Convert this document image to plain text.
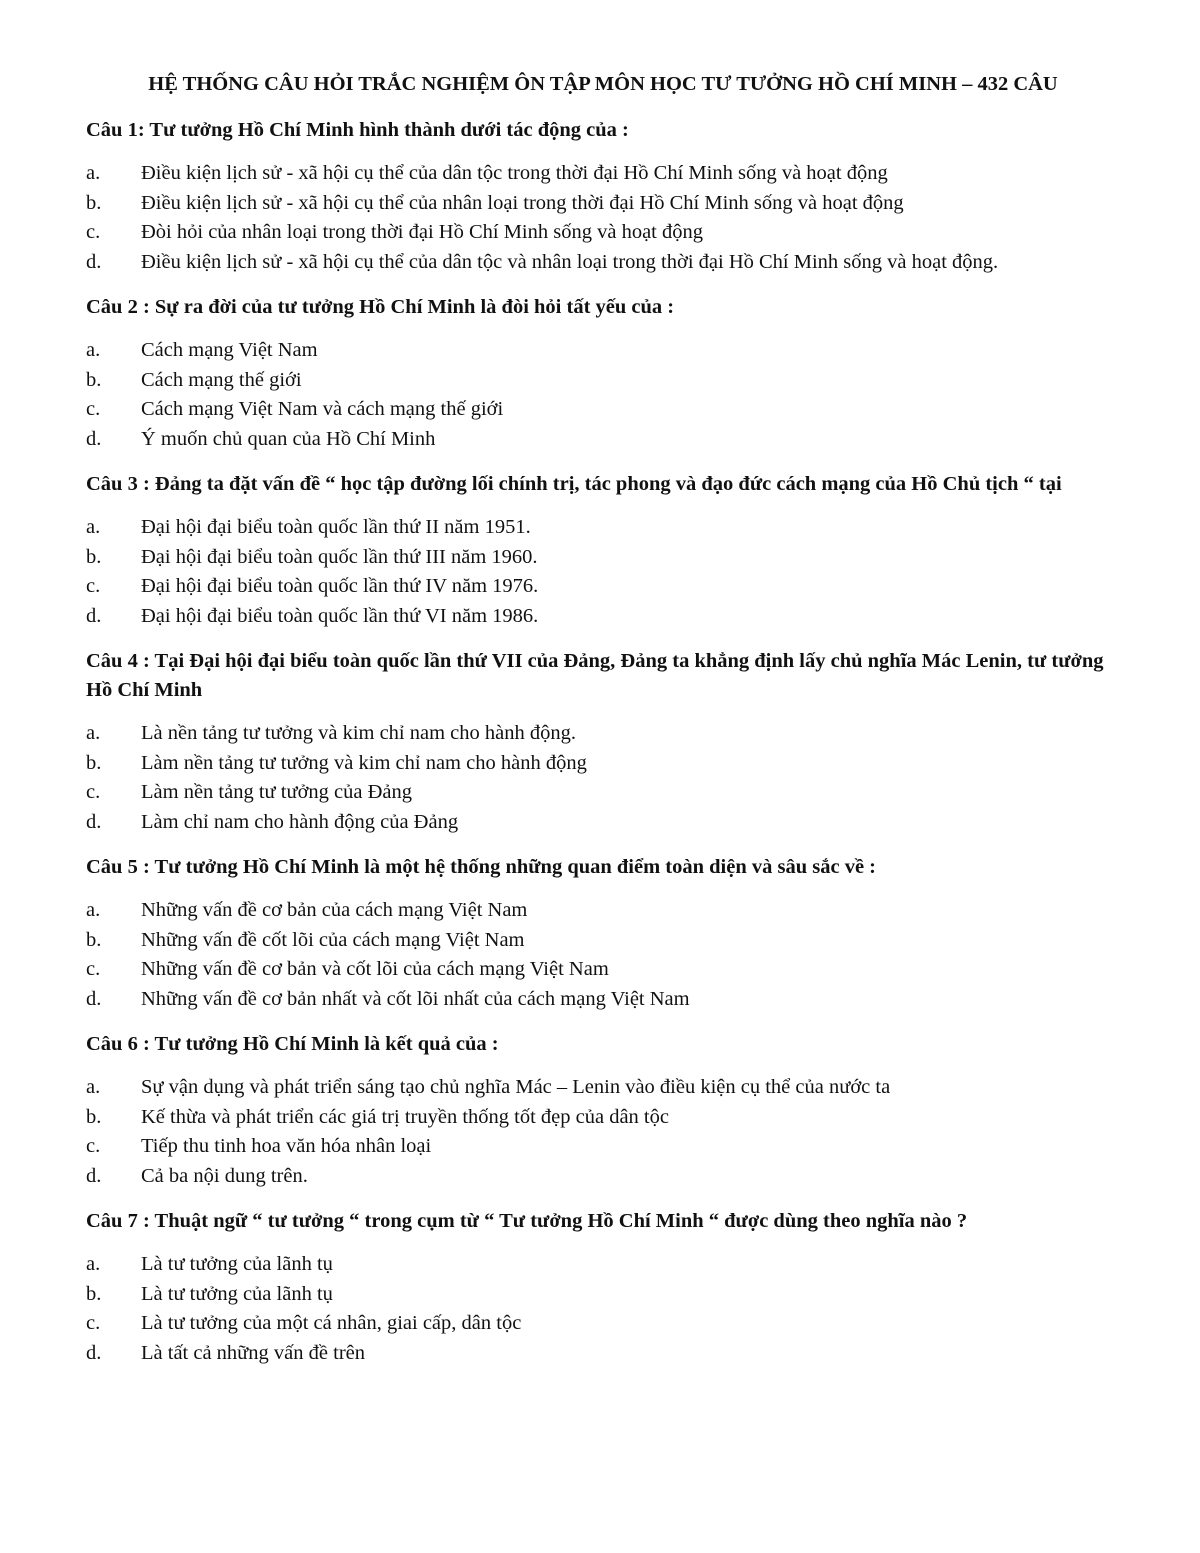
HỆ THỐNG CÂU HỎI TRẮC NGHIỆM ÔN TẬP MÔN HỌC TƯ TƯỞNG HỒ CHÍ MINH – 432 CÂU

Câu 1: Tư tưởng Hồ Chí Minh hình thành dưới tác động của :

a. Điều kiện lịch sử - xã hội cụ thể của dân tộc trong thời đại Hồ Chí Minh sống và hoạt động
b. Điều kiện lịch sử - xã hội cụ thể của nhân loại trong thời đại Hồ Chí Minh sống và hoạt động
c. Đòi hỏi của nhân loại trong thời đại Hồ Chí Minh sống và hoạt động
d. Điều kiện lịch sử - xã hội cụ thể của dân tộc và nhân loại trong thời đại Hồ Chí Minh sống và hoạt động.

Câu 2 : Sự ra đời của tư tưởng Hồ Chí Minh là đòi hỏi tất yếu của :

a. Cách mạng Việt Nam
b. Cách mạng thế giới
c. Cách mạng Việt Nam và cách mạng thế giới
d. Ý muốn chủ quan của Hồ Chí Minh

Câu 3 : Đảng ta đặt vấn đề “ học tập đường lối chính trị, tác phong và đạo đức cách mạng của Hồ Chủ tịch “ tại

a. Đại hội đại biểu toàn quốc lần thứ II năm 1951.
b. Đại hội đại biểu toàn quốc lần thứ III năm 1960.
c. Đại hội đại biểu toàn quốc lần thứ IV năm 1976.
d. Đại hội đại biểu toàn quốc lần thứ VI năm 1986.

Câu 4 : Tại Đại hội đại biểu toàn quốc lần thứ VII của Đảng, Đảng ta khẳng định lấy chủ nghĩa Mác Lenin, tư tưởng Hồ Chí Minh

a. Là nền tảng tư tưởng và kim chỉ nam cho hành động.
b. Làm nền tảng tư tưởng và kim chỉ nam cho hành động
c. Làm nền tảng tư tưởng của Đảng
d. Làm chỉ nam cho hành động của Đảng

Câu 5 : Tư tưởng Hồ Chí Minh là một hệ thống những quan điểm toàn diện và sâu sắc về :

a. Những vấn đề cơ bản của cách mạng Việt Nam
b. Những vấn đề cốt lõi của cách mạng Việt Nam
c. Những vấn đề cơ bản và cốt lõi của cách mạng Việt Nam
d. Những vấn đề cơ bản nhất và cốt lõi nhất của cách mạng Việt Nam

Câu 6 : Tư tưởng Hồ Chí Minh là kết quả của :

a. Sự vận dụng và phát triển sáng tạo chủ nghĩa Mác – Lenin vào điều kiện cụ thể của nước ta
b. Kế thừa và phát triển các giá trị truyền thống tốt đẹp của dân tộc
c. Tiếp thu tinh hoa văn hóa nhân loại
d. Cả ba nội dung trên.

Câu 7 : Thuật ngữ “ tư tưởng “ trong cụm từ “ Tư tưởng Hồ Chí Minh “ được dùng theo nghĩa nào ?

a. Là tư tưởng của lãnh tụ
b. Là tư tưởng của lãnh tụ
c. Là tư tưởng của một cá nhân, giai cấp, dân tộc
d. Là tất cả những vấn đề trên
